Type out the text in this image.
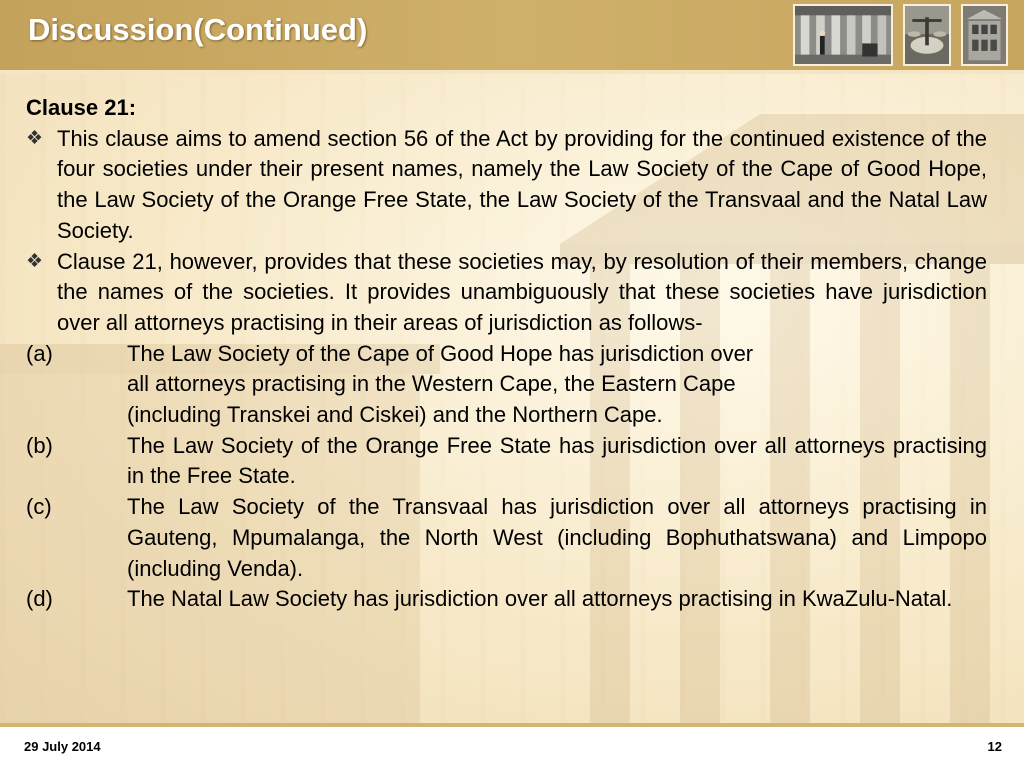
Discussion(Continued)
Clause 21:
❖ This clause aims to amend section 56 of the Act by providing for the continued existence of the four societies under their present names, namely the Law Society of the Cape of Good Hope, the Law Society of the Orange Free State, the Law Society of the Transvaal and the Natal Law Society.
❖ Clause 21, however, provides that these societies may, by resolution of their members, change the names of the societies. It provides unambiguously that these societies have jurisdiction over all attorneys practising in their areas of jurisdiction as follows-
(a)	The Law Society of the Cape of Good Hope has jurisdiction over
all attorneys practising in the Western Cape, the Eastern Cape
(including Transkei and Ciskei) and the Northern Cape.
(b)	The Law Society of the Orange Free State has jurisdiction over all attorneys practising in the Free State.
(c)	The Law Society of the Transvaal has jurisdiction over all attorneys practising in Gauteng, Mpumalanga, the North West (including Bophuthatswana) and Limpopo (including Venda).
(d)	The Natal Law Society has jurisdiction over all attorneys practising in KwaZulu-Natal.
29 July 2014	12
